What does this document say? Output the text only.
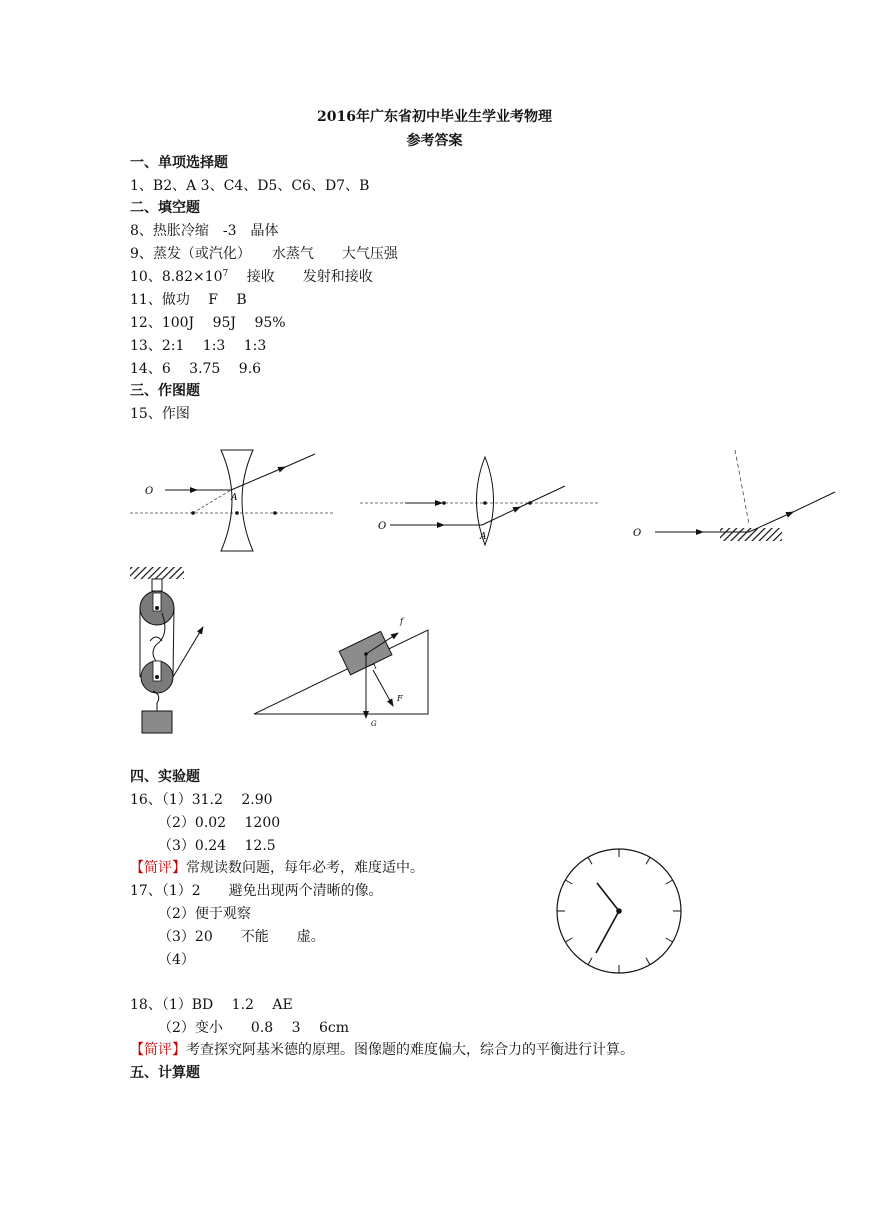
2016年广东省初中毕业生学业考物理
参考答案
一、单项选择题
1、B2、A 3、C4、D5、C6、D7、B
二、填空题
8、热胀冷缩　-3　晶体
9、蒸发（或汽化）　　水蒸气　　大气压强
10、$8.82\times 10^7$　 接收　　发射和接收
11、做功　 F　 B
12、100J　 95J　 95%
13、2:1　 1:3　 1:3
14、6　 3.75　 9.6
三、作图题
15、作图
O
A
O
A	O
f
F
G
四、实验题
16、（1）31.2　 2.90
（2）0.02　 1200
（3）0.24　 12.5
【简评】常规读数问题，每年必考，难度适中。
17、（1）2　　避免出现两个清晰的像。
（2）便于观察
（3）20　　不能　　虚。
（4）
18、（1）BD　 1.2　 AE
（2）变小　　0.8　 3　 6cm
【简评】考查探究阿基米德的原理。图像题的难度偏大，综合力的平衡进行计算。
五、计算题
